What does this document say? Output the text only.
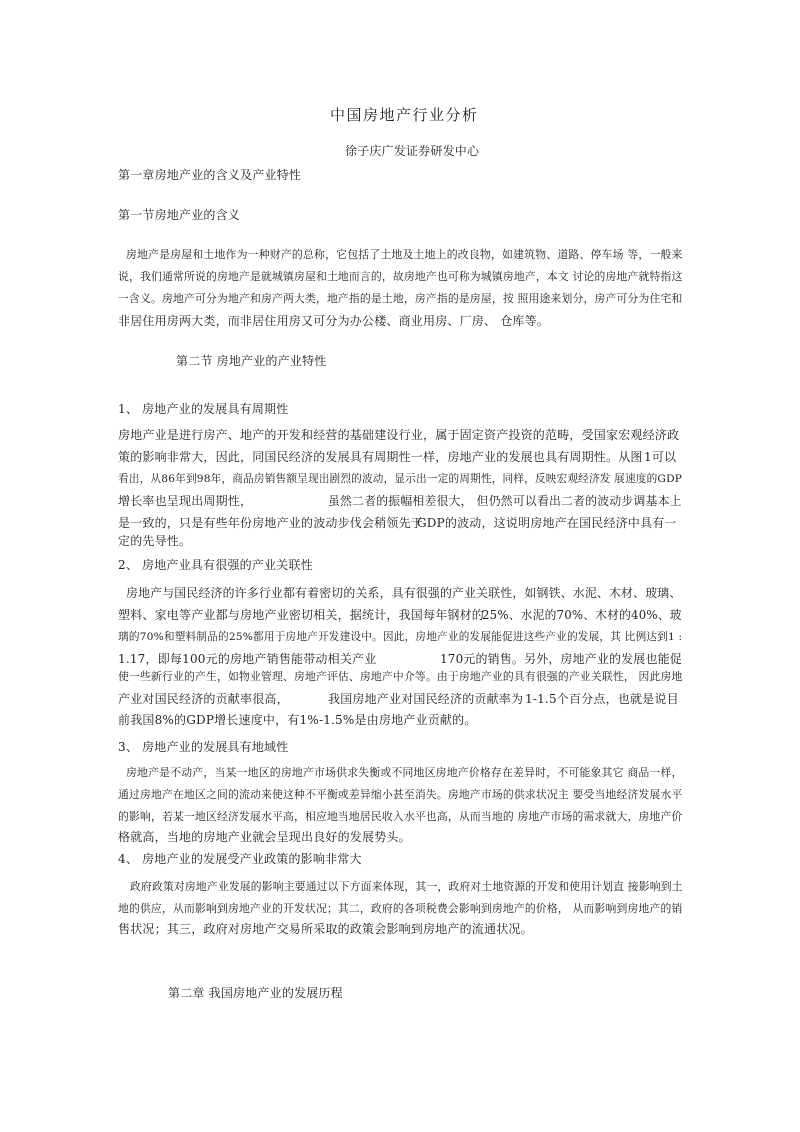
中国房地产行业分析
徐子庆广发证券研发中心
第一章房地产业的含义及产业特性
第一节房地产业的含义
房地产是房屋和土地作为一种财产的总称，它包括了土地及土地上的改良物，如建筑物、道路、停车场 等，一般来
说，我们通常所说的房地产是就城镇房屋和土地而言的，故房地产也可称为城镇房地产，本文 讨论的房地产就特指这
一含义。房地产可分为地产和房产两大类，地产指的是土地，房产指的是房屋，按 照用途来划分，房产可分为住宅和
非居住用房两大类，而非居住用房又可分为办公楼、商业用房、厂房、 仓库等。
第二节 房地产业的产业特性
1、 房地产业的发展具有周期性
房地产业是进行房产、地产的开发和经营的基础建设行业，属于固定资产投资的范畴，受国家宏观经济政
策的影响非常大，因此，同国民经济的发展具有周期性一样，房地产业的发展也具有周期性。从图 1可以
看出，从86年到98年，商品房销售额呈现出剧烈的波动，显示出一定的周期性，同样，反映宏观经济发 展速度的GDP
增长率也呈现出周期性，	虽然二者的振幅相差很大， 但仍然可以看出二者的波动步调基本上
是一致的，只是有些年份房地产业的波动步伐会稍领先于
GDP的波动，这说明房地产在国民经济中具有一
定的先导性。
2、 房地产业具有很强的产业关联性
房地产与国民经济的许多行业都有着密切的关系，具有很强的产业关联性，如钢铁、水泥、木材、玻璃、
塑料、家电等产业都与房地产业密切相关，据统计，我国每年钢材的
25%、水泥的70%、木材的40%、玻
璃的70%和塑料制品的25%都用于房地产开发建设中。因此，房地产业的发展能促进这些产业的发展，其 比例达到1 :
1.17，即每100元的房地产销售能带动相关产业	170元的销售。另外，房地产业的发展也能促
使一些新行业的产生，如物业管理、房地产评估、房地产中介等。由于房地产业的具有很强的产业关联性， 因此房地
产业对国民经济的贡献率很高，	我国房地产业对国民经济的贡献率为 1-1.5个百分点，也就是说目
前我国8%的GDP增长速度中，有1%-1.5%是由房地产业贡献的。
3、 房地产业的发展具有地域性
房地产是不动产，当某一地区的房地产市场供求失衡或不同地区房地产价格存在差异时，不可能象其它 商品一样，
通过房地产在地区之间的流动来使这种不平衡或差异缩小甚至消失。房地产市场的供求状况主 要受当地经济发展水平
的影响，若某一地区经济发展水平高，相应地当地居民收入水平也高，从而当地的 房地产市场的需求就大，房地产价
格就高，当地的房地产业就会呈现出良好的发展势头。
4、 房地产业的发展受产业政策的影响非常大
政府政策对房地产业发展的影响主要通过以下方面来体现，其一，政府对土地资源的开发和使用计划直 接影响到土
地的供应，从而影响到房地产业的开发状况；其二，政府的各项税费会影响到房地产的价格， 从而影响到房地产的销
售状况；其三，政府对房地产交易所采取的政策会影响到房地产的流通状况。
第二章 我国房地产业的发展历程
